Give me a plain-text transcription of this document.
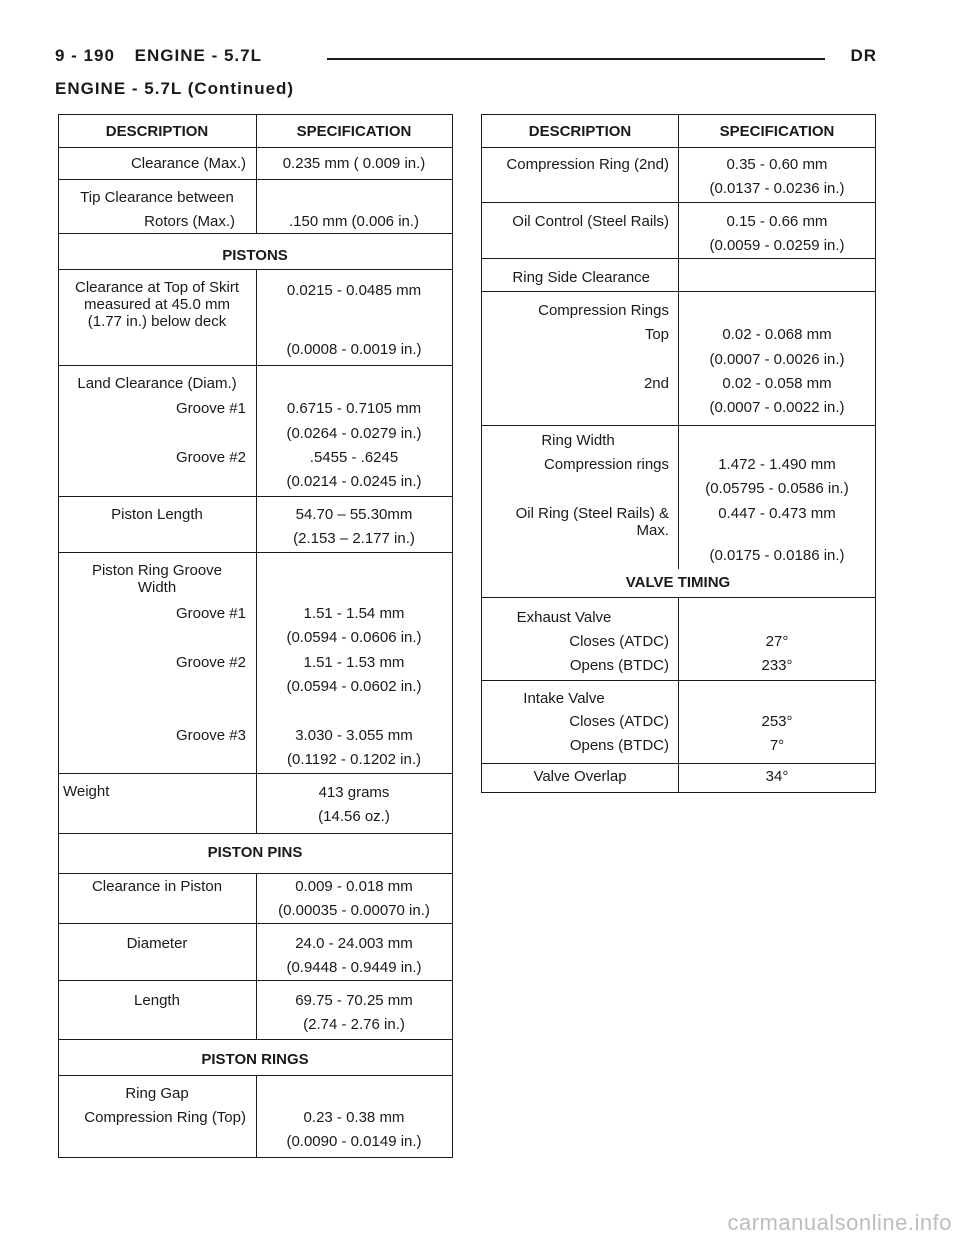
9 - 190 ENGINE - 5.7L	DR
ENGINE - 5.7L (Continued)
DESCRIPTION	SPECIFICATION
Clearance (Max.) 0.235 mm ( 0.009 in.)
Tip Clearance between
Rotors (Max.)	.150 mm (0.006 in.)
PISTONS
Clearance at Top of Skirt
measured at 45.0 mm
(1.77 in.) below deck
0.0215 - 0.0485 mm
(0.0008 - 0.0019 in.)
Land Clearance (Diam.)
Groove #1	0.6715 - 0.7105 mm
(0.0264 - 0.0279 in.)
Groove #2	.5455 - .6245
(0.0214 - 0.0245 in.)
Piston Length	54.70 – 55.30mm
(2.153 – 2.177 in.)
Piston Ring Groove
Width
Groove #1	1.51 - 1.54 mm
(0.0594 - 0.0606 in.)
Groove #2	1.51 - 1.53 mm
(0.0594 - 0.0602 in.)
Groove #3	3.030 - 3.055 mm
(0.1192 - 0.1202 in.)
Weight	413 grams
(14.56 oz.)
PISTON PINS
Clearance in Piston	0.009 - 0.018 mm
(0.00035 - 0.00070 in.)
Diameter	24.0 - 24.003 mm
(0.9448 - 0.9449 in.)
Length	69.75 - 70.25 mm
(2.74 - 2.76 in.)
PISTON RINGS
Ring Gap
Compression Ring (Top)	0.23 - 0.38 mm
(0.0090 - 0.0149 in.)
DESCRIPTION	SPECIFICATION
Compression Ring (2nd)	0.35 - 0.60 mm
(0.0137 - 0.0236 in.)
Oil Control (Steel Rails)	0.15 - 0.66 mm
(0.0059 - 0.0259 in.)
Ring Side Clearance
Compression Rings
Top	0.02 - 0.068 mm
(0.0007 - 0.0026 in.)
2nd	0.02 - 0.058 mm
(0.0007 - 0.0022 in.)
Ring Width
Compression rings	1.472 - 1.490 mm
(0.05795 - 0.0586 in.)
Oil Ring (Steel Rails) &
Max.
0.447 - 0.473 mm
(0.0175 - 0.0186 in.)
VALVE TIMING
Exhaust Valve
Closes (ATDC)	27°
Opens (BTDC)	233°
Intake Valve
Closes (ATDC)	253°
Opens (BTDC)	7°
Valve Overlap	34°
carmanualsonline.info
